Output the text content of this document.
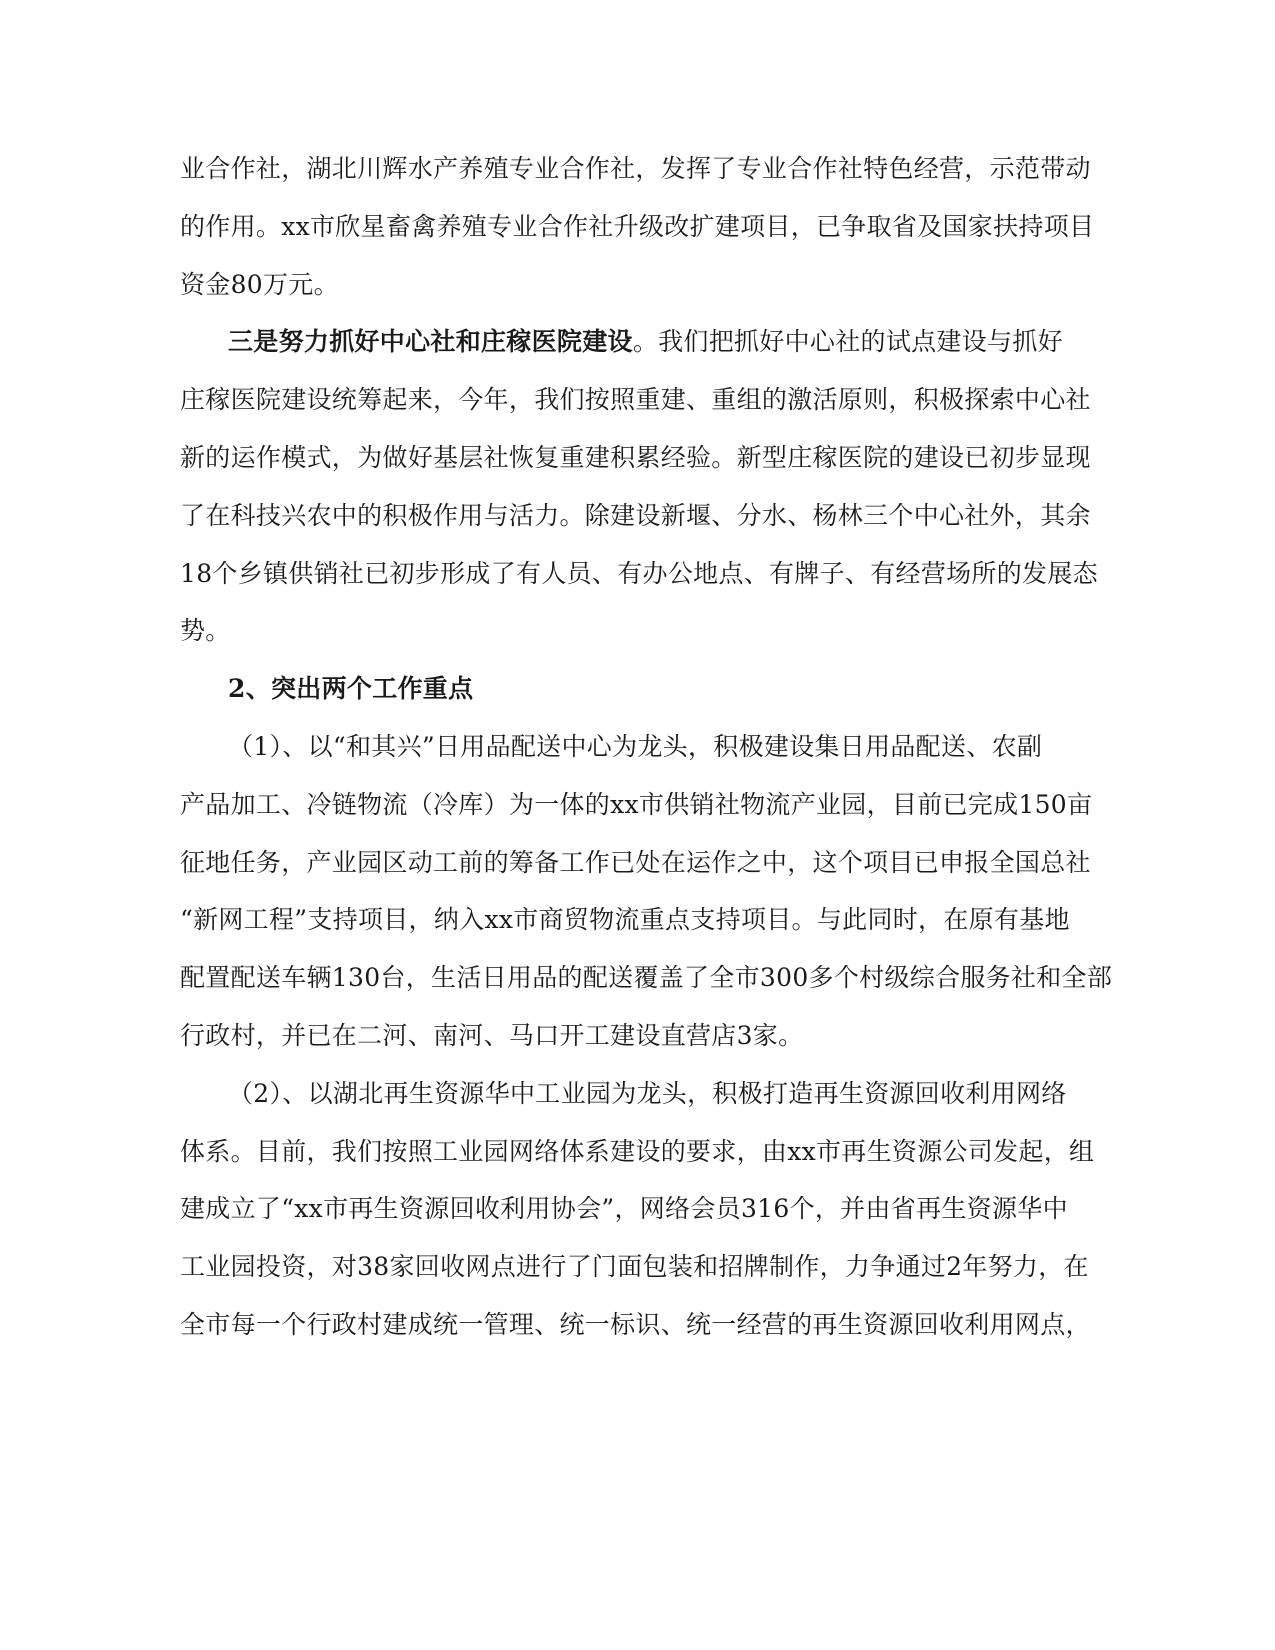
业合作社，湖北川辉水产养殖专业合作社，发挥了专业合作社特色经营，示范带动
的作用。xx市欣星畜禽养殖专业合作社升级改扩建项目，已争取省及国家扶持项目
资金80万元。
三是努力抓好中心社和庄稼医院建设。我们把抓好中心社的试点建设与抓好
庄稼医院建设统筹起来，今年，我们按照重建、重组的激活原则，积极探索中心社
新的运作模式，为做好基层社恢复重建积累经验。新型庄稼医院的建设已初步显现
了在科技兴农中的积极作用与活力。除建设新堰、分水、杨林三个中心社外，其余
18个乡镇供销社已初步形成了有人员、有办公地点、有牌子、有经营场所的发展态
势。
2、突出两个工作重点
（1）、以“和其兴”日用品配送中心为龙头，积极建设集日用品配送、农副
产品加工、冷链物流（冷库）为一体的xx市供销社物流产业园，目前已完成150亩
征地任务，产业园区动工前的筹备工作已处在运作之中，这个项目已申报全国总社
“新网工程”支持项目，纳入xx市商贸物流重点支持项目。与此同时，在原有基地
配置配送车辆130台，生活日用品的配送覆盖了全市300多个村级综合服务社和全部
行政村，并已在二河、南河、马口开工建设直营店3家。
（2）、以湖北再生资源华中工业园为龙头，积极打造再生资源回收利用网络
体系。目前，我们按照工业园网络体系建设的要求，由xx市再生资源公司发起，组
建成立了“xx市再生资源回收利用协会”，网络会员316个，并由省再生资源华中
工业园投资，对38家回收网点进行了门面包装和招牌制作，力争通过2年努力，在
全市每一个行政村建成统一管理、统一标识、统一经营的再生资源回收利用网点，
